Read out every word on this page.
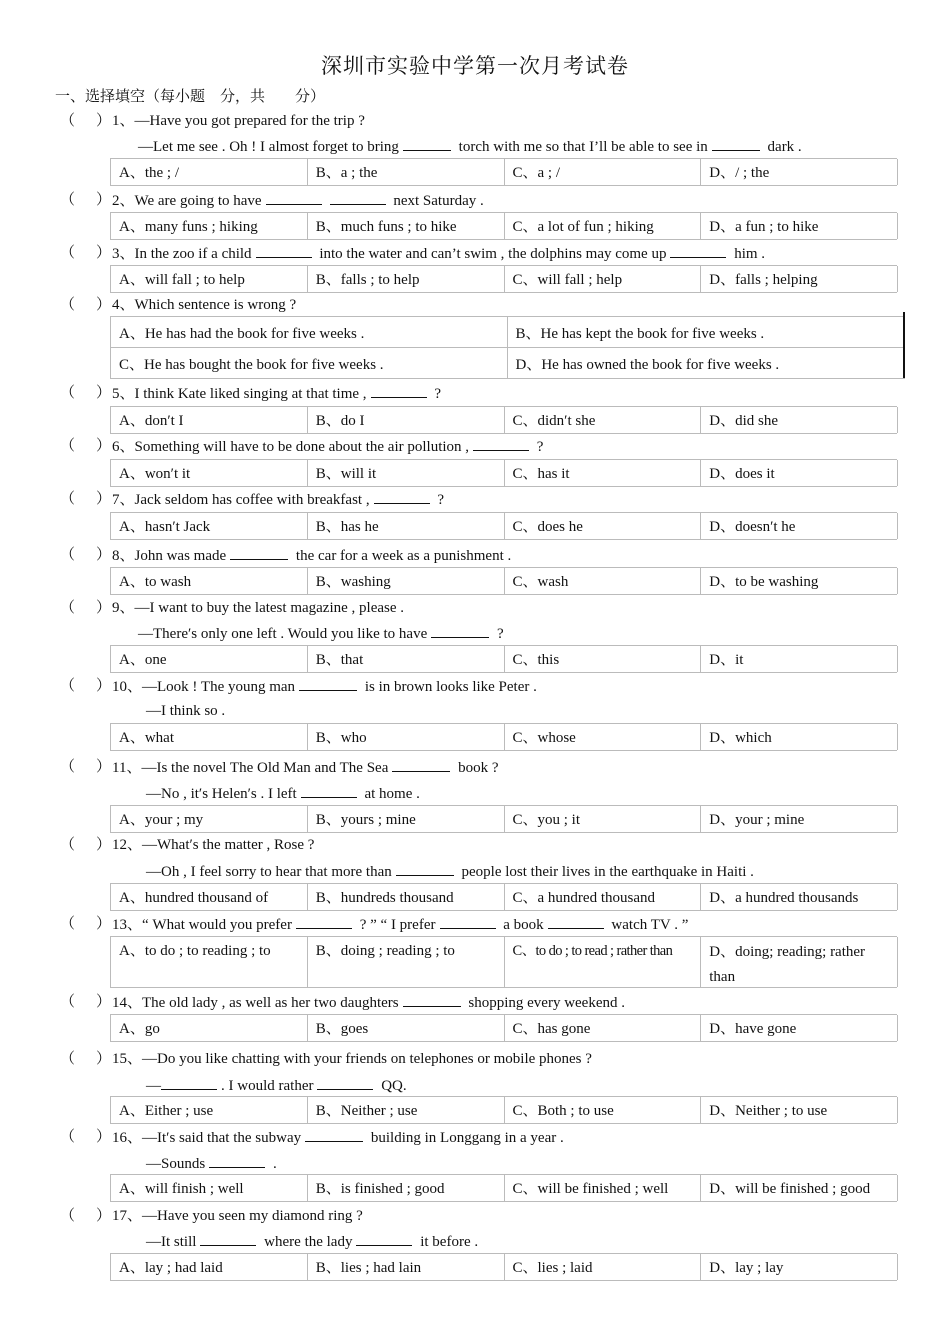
深圳市实验中学第一次月考试卷
一、选择填空（每小题　分，共　　分）
（ ） 1、—Have you got prepared for the trip ?
—Let me see . Oh ! I almost forget to bring	torch with me so that I’ll be able to see in	dark .
A、the ; /	B、a ; the	C、a ; /	D、/ ; the
（ ） 2、We are going to have	next Saturday .
A、many funs ; hiking	B、much funs ; to hike	C、a lot of fun ; hiking	D、a fun ; to hike
（ ） 3、In the zoo if a child	into the water and can’t swim , the dolphins may come up	him .
A、will fall ; to help	B、falls ; to help	C、will fall ; help	D、falls ; helping
（ ） 4、Which sentence is wrong ?
A、He has had the book for five weeks .	B、He has kept the book for five weeks .
C、He has bought the book for five weeks .	D、He has owned the book for five weeks .
（ ） 5、I think Kate liked singing at that time ,	?
A、don′t I	B、do I	C、didn′t she	D、did she
（ ） 6、Something will have to be done about the air pollution ,	?
A、won′t it	B、will it	C、has it	D、does it
（ ） 7、Jack seldom has coffee with breakfast ,	?
A、hasn′t Jack	B、has he	C、does he	D、doesn′t he
（ ） 8、John was made	the car for a week as a punishment .
A、to wash	B、washing	C、wash	D、to be washing
（ ） 9、—I want to buy the latest magazine , please .
—There′s only one left . Would you like to have	?
A、one	B、that	C、this	D、it
（ ） 10、—Look ! The young man	is in brown looks like Peter .
—I think so .
A、what	B、who	C、whose	D、which
（ ） 11、—Is the novel The Old Man and The Sea	book ?
—No , it′s Helen′s . I left	at home .
A、your ; my	B、yours ; mine	C、you ; it	D、your ; mine
（ ） 12、—What′s the matter , Rose ?
—Oh , I feel sorry to hear that more than	people lost their lives in the earthquake in Haiti .
A、hundred thousand of	B、hundreds thousand	C、a hundred thousand	D、a hundred thousands
（ ） 13、“ What would you prefer	? ” “ I prefer	a book	watch TV . ”
A、to do ; to reading ; to	B、doing ; reading ; to	C、to do ; to read ; rather than	D、doing; reading; rather than
（ ） 14、The old lady , as well as her two daughters	shopping every weekend .
A、go	B、goes	C、has gone	D、have gone
（ ） 15、—Do you like chatting with your friends on telephones or mobile phones ?
—	. I would rather	QQ.
A、Either ; use	B、Neither ; use	C、Both ; to use	D、Neither ; to use
（ ） 16、—It′s said that the subway	building in Longgang in a year .
—Sounds	.
A、will finish ; well	B、is finished ; good	C、will be finished ; well	D、will be finished ; good
（ ） 17、—Have you seen my diamond ring ?
—It still	where the lady	it before .
A、lay ; had laid	B、lies ; had lain	C、lies ; laid	D、lay ; lay
